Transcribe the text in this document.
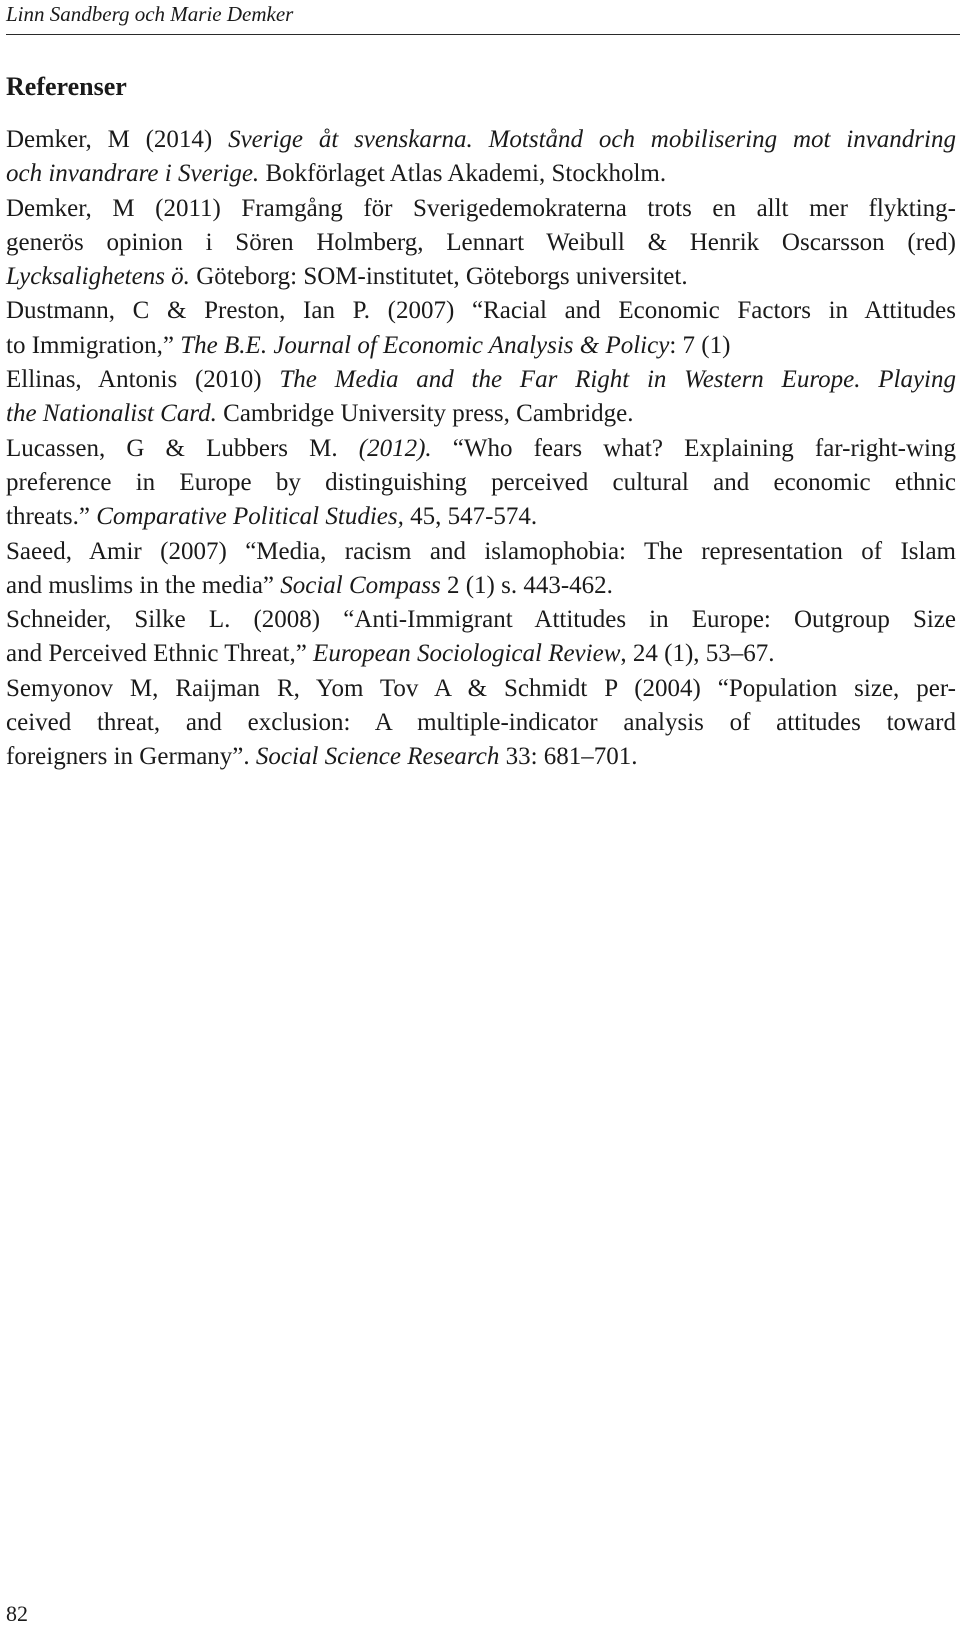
Linn Sandberg och Marie Demker
Referenser
Demker, M (2014) Sverige åt svenskarna. Motstånd och mobilisering mot invandring
och invandrare i Sverige. Bokförlaget Atlas Akademi, Stockholm.
Demker, M (2011) Framgång för Sverigedemokraterna trots en allt mer flykting-
generös opinion i Sören Holmberg, Lennart Weibull & Henrik Oscarsson (red)
Lycksalighetens ö. Göteborg: SOM-institutet, Göteborgs universitet.
Dustmann, C & Preston, Ian P. (2007) “Racial and Economic Factors in Attitudes
to Immigration,” The B.E. Journal of Economic Analysis & Policy: 7 (1)
Ellinas, Antonis (2010) The Media and the Far Right in Western Europe. Playing
the Nationalist Card. Cambridge University press, Cambridge.
Lucassen, G & Lubbers M. (2012). “Who fears what? Explaining far-right-wing
preference in Europe by distinguishing perceived cultural and economic ethnic
threats.” Comparative Political Studies, 45, 547-574.
Saeed, Amir (2007) “Media, racism and islamophobia: The representation of Islam
and muslims in the media” Social Compass 2 (1) s. 443-462.
Schneider, Silke L. (2008) “Anti-Immigrant Attitudes in Europe: Outgroup Size
and Perceived Ethnic Threat,” European Sociological Review, 24 (1), 53–67.
Semyonov M, Raijman R, Yom Tov A & Schmidt P (2004) “Population size, per-
ceived threat, and exclusion: A multiple-indicator analysis of attitudes toward
foreigners in Germany”. Social Science Research 33: 681–701.
82
